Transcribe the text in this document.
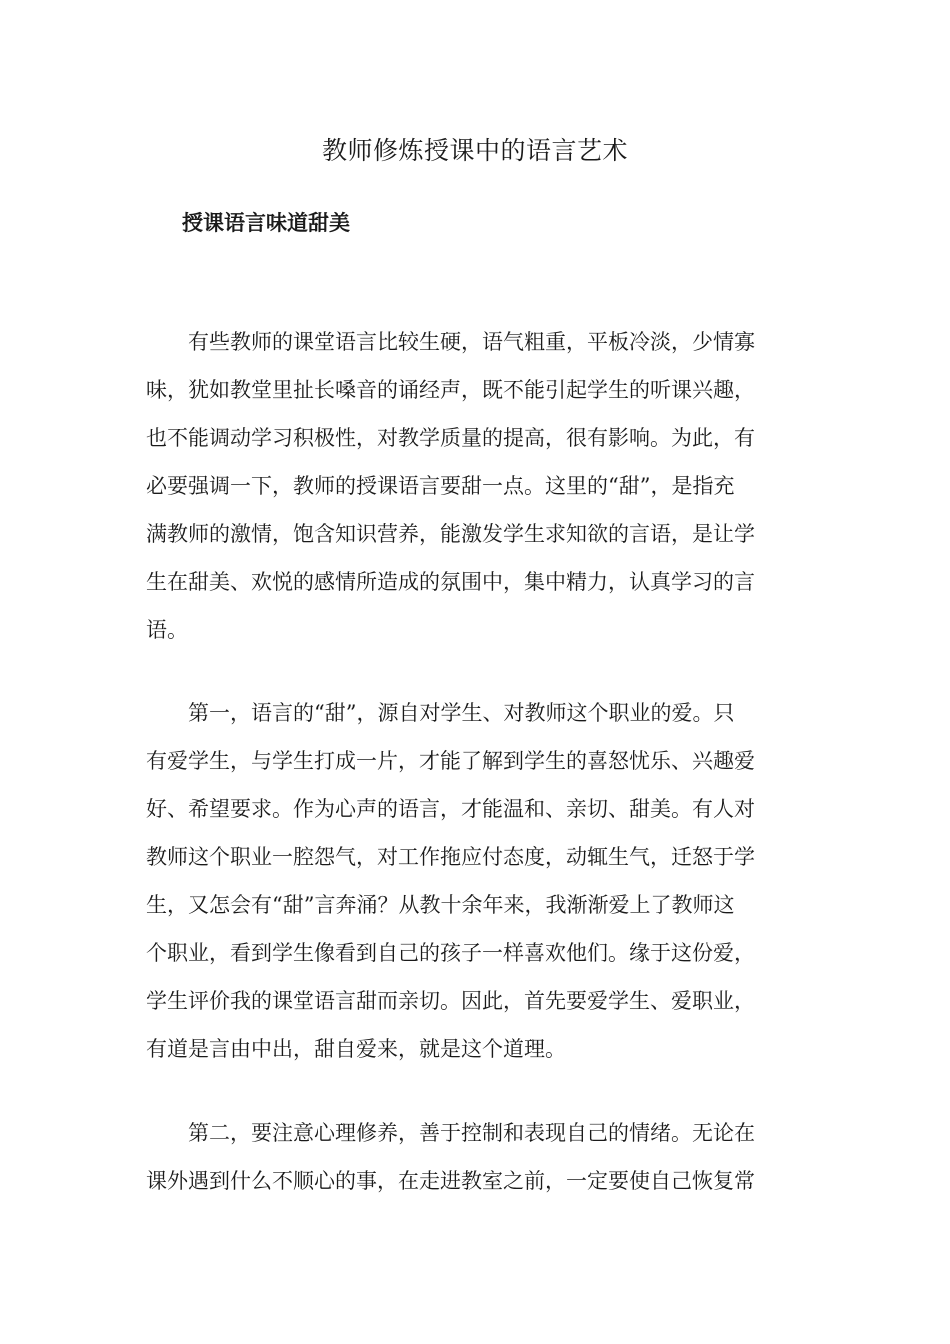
教师修炼授课中的语言艺术
授课语言味道甜美

　　有些教师的课堂语言比较生硬，语气粗重，平板冷淡，少情寡
味，犹如教堂里扯长嗓音的诵经声，既不能引起学生的听课兴趣，
也不能调动学习积极性，对教学质量的提高，很有影响。为此，有
必要强调一下，教师的授课语言要甜一点。这里的“甜”，是指充
满教师的激情，饱含知识营养，能激发学生求知欲的言语，是让学
生在甜美、欢悦的感情所造成的氛围中，集中精力，认真学习的言
语。

　　第一，语言的“甜”，源自对学生、对教师这个职业的爱。只
有爱学生，与学生打成一片，才能了解到学生的喜怒忧乐、兴趣爱
好、希望要求。作为心声的语言，才能温和、亲切、甜美。有人对
教师这个职业一腔怨气，对工作拖应付态度，动辄生气，迁怒于学
生，又怎会有“甜”言奔涌？从教十余年来，我渐渐爱上了教师这
个职业，看到学生像看到自己的孩子一样喜欢他们。缘于这份爱，
学生评价我的课堂语言甜而亲切。因此，首先要爱学生、爱职业，
有道是言由中出，甜自爱来，就是这个道理。

　　第二，要注意心理修养，善于控制和表现自己的情绪。无论在
课外遇到什么不顺心的事，在走进教室之前，一定要使自己恢复常
